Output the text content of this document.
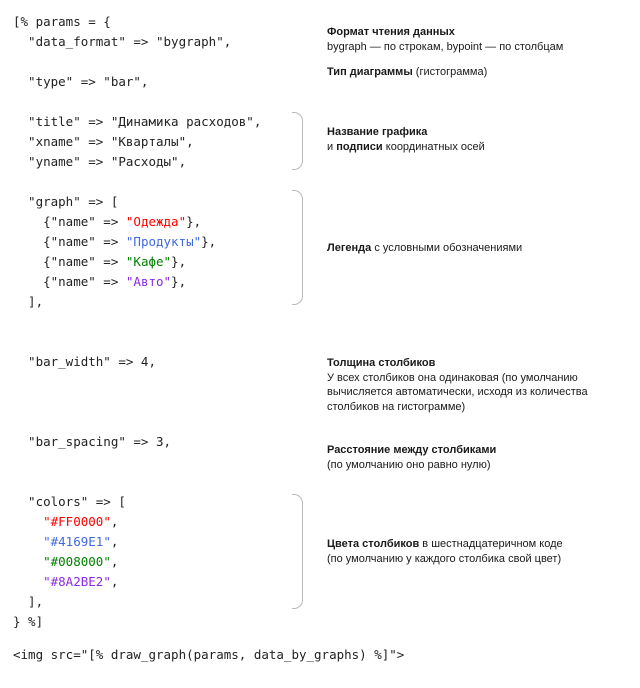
[% params = {
"data_format" => "bygraph",

"type" => "bar",

"title" => "Динамика расходов",
"xname" => "Кварталы",
"yname" => "Расходы",

"graph" => [
{"name" => "Одежда"},
{"name" => "Продукты"},
{"name" => "Кафе"},
{"name" => "Авто"},
],

"bar_width" => 4,

"bar_spacing" => 3,

"colors" => [
"#FF0000",
"#4169E1",
"#008000",
"#8A2BE2",
],
} %]
Формат чтения данных
bygraph — по строкам, bypoint — по столбцам
Тип диаграммы (гистограмма)
Название графика
и подписи координатных осей
Легенда с условными обозначениями
Толщина столбиков
У всех столбиков она одинаковая (по умолчанию
вычисляется автоматически, исходя из количества
столбиков на гистограмме)
Расстояние между столбиками
(по умолчанию оно равно нулю)
Цвета столбиков в шестнадцатеричном коде
(по умолчанию у каждого столбика свой цвет)
<img src="[% draw_graph(params, data_by_graphs) %]">
